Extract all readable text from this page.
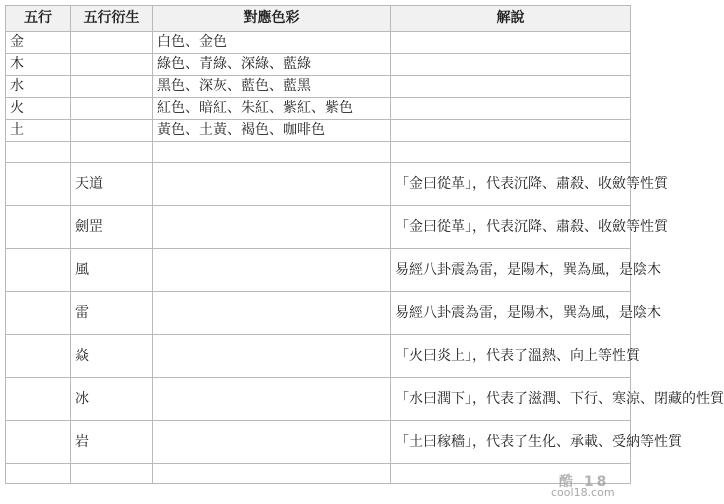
五行	五行衍生	對應色彩	解說
金		白色、金色	
木		綠色、青綠、深綠、藍綠	
水		黑色、深灰、藍色、藍黑	
火		紅色、暗紅、朱紅、紫紅、紫色	
土		黃色、土黃、褐色、咖啡色	

	天道		「金曰從革」，代表沉降、肅殺、收斂等性質
	劍罡		「金曰從革」，代表沉降、肅殺、收斂等性質
	風		易經八卦震為雷，是陽木，巽為風，是陰木
	雷		易經八卦震為雷，是陽木，巽為風，是陰木
	焱		「火曰炎上」，代表了溫熱、向上等性質
	冰		「水曰潤下」，代表了滋潤、下行、寒涼、閉藏的性質
	岩		「土曰稼穡」，代表了生化、承載、受納等性質

酷 18
cool18.com
